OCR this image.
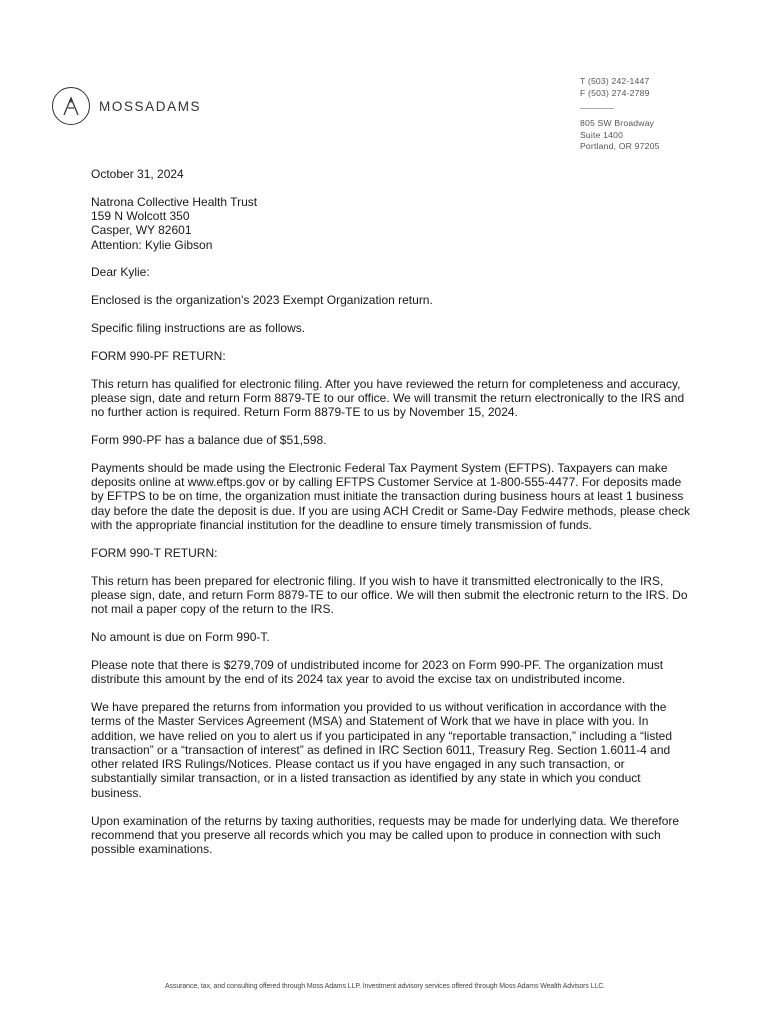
MOSSADAMS
T (503) 242-1447
F (503) 274-2789
805 SW Broadway
Suite 1400
Portland, OR 97205

October 31, 2024

Natrona Collective Health Trust
159 N Wolcott 350
Casper, WY 82601
Attention: Kylie Gibson

Dear Kylie:

Enclosed is the organization's 2023 Exempt Organization return.

Specific filing instructions are as follows.

FORM 990-PF RETURN:

This return has qualified for electronic filing. After you have reviewed the return for completeness and accuracy, please sign, date and return Form 8879-TE to our office. We will transmit the return electronically to the IRS and no further action is required. Return Form 8879-TE to us by November 15, 2024.

Form 990-PF has a balance due of $51,598.

Payments should be made using the Electronic Federal Tax Payment System (EFTPS). Taxpayers can make deposits online at www.eftps.gov or by calling EFTPS Customer Service at 1-800-555-4477. For deposits made by EFTPS to be on time, the organization must initiate the transaction during business hours at least 1 business day before the date the deposit is due. If you are using ACH Credit or Same-Day Fedwire methods, please check with the appropriate financial institution for the deadline to ensure timely transmission of funds.

FORM 990-T RETURN:

This return has been prepared for electronic filing. If you wish to have it transmitted electronically to the IRS, please sign, date, and return Form 8879-TE to our office. We will then submit the electronic return to the IRS. Do not mail a paper copy of the return to the IRS.

No amount is due on Form 990-T.

Please note that there is $279,709 of undistributed income for 2023 on Form 990-PF. The organization must distribute this amount by the end of its 2024 tax year to avoid the excise tax on undistributed income.

We have prepared the returns from information you provided to us without verification in accordance with the terms of the Master Services Agreement (MSA) and Statement of Work that we have in place with you. In addition, we have relied on you to alert us if you participated in any “reportable transaction,” including a “listed transaction” or a “transaction of interest” as defined in IRC Section 6011, Treasury Reg. Section 1.6011-4 and other related IRS Rulings/Notices. Please contact us if you have engaged in any such transaction, or substantially similar transaction, or in a listed transaction as identified by any state in which you conduct business.

Upon examination of the returns by taxing authorities, requests may be made for underlying data. We therefore recommend that you preserve all records which you may be called upon to produce in connection with such possible examinations.

Assurance, tax, and consulting offered through Moss Adams LLP. Investment advisory services offered through Moss Adams Wealth Advisors LLC.
